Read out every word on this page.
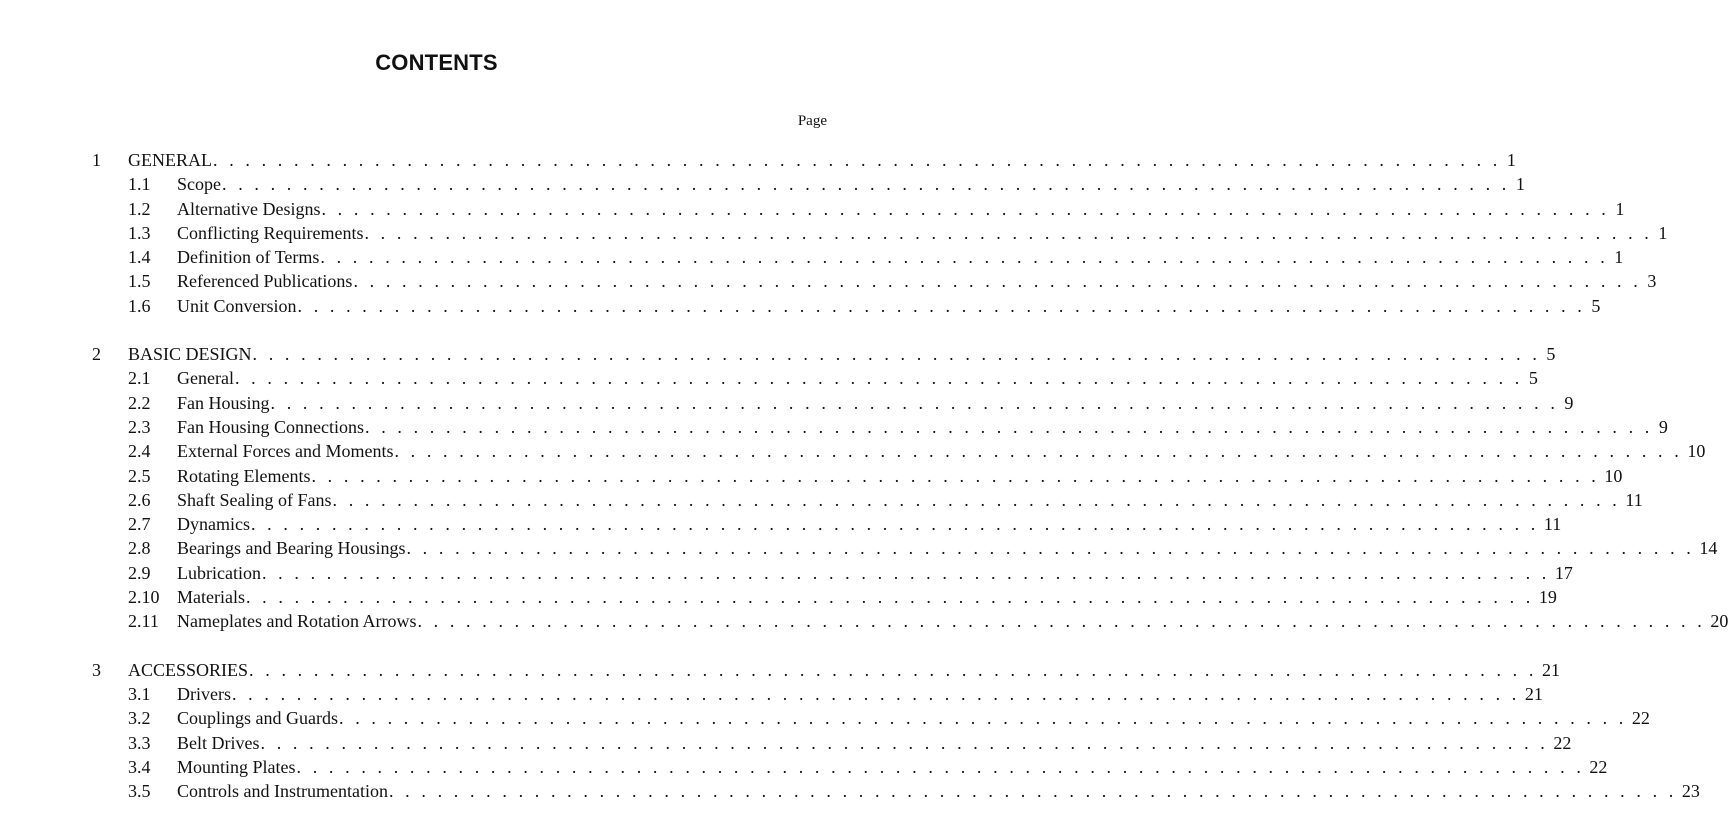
CONTENTS
Page
1 GENERAL . . . . . . . . . . . . . . . . . . . . . . . . . . . . . . . . . . . . . . . . . . . . . . . . . . . . . . . . . . . . . . . . . . . . . . . . . . . . . . . . 1
1.1 Scope . . . . . . . . . . . . . . . . . . . . . . . . . . . . . . . . . . . . . . . . . . . . . . . . . . . . . . . . . . . . . . . . . . . . . . . . . . . . . . . . 1
1.2 Alternative Designs . . . . . . . . . . . . . . . . . . . . . . . . . . . . . . . . . . . . . . . . . . . . . . . . . . . . . . . . . . . . . . . . . . . . . . . . . . . . . . . . 1
1.3 Conflicting Requirements . . . . . . . . . . . . . . . . . . . . . . . . . . . . . . . . . . . . . . . . . . . . . . . . . . . . . . . . . . . . . . . . . . . . . . . . . . . . . . . . 1
1.4 Definition of Terms . . . . . . . . . . . . . . . . . . . . . . . . . . . . . . . . . . . . . . . . . . . . . . . . . . . . . . . . . . . . . . . . . . . . . . . . . . . . . . . . 1
1.5 Referenced Publications . . . . . . . . . . . . . . . . . . . . . . . . . . . . . . . . . . . . . . . . . . . . . . . . . . . . . . . . . . . . . . . . . . . . . . . . . . . . . . . . 3
1.6 Unit Conversion . . . . . . . . . . . . . . . . . . . . . . . . . . . . . . . . . . . . . . . . . . . . . . . . . . . . . . . . . . . . . . . . . . . . . . . . . . . . . . . . 5
2 BASIC DESIGN . . . . . . . . . . . . . . . . . . . . . . . . . . . . . . . . . . . . . . . . . . . . . . . . . . . . . . . . . . . . . . . . . . . . . . . . . . . . . . . . 5
2.1 General . . . . . . . . . . . . . . . . . . . . . . . . . . . . . . . . . . . . . . . . . . . . . . . . . . . . . . . . . . . . . . . . . . . . . . . . . . . . . . . . 5
2.2 Fan Housing . . . . . . . . . . . . . . . . . . . . . . . . . . . . . . . . . . . . . . . . . . . . . . . . . . . . . . . . . . . . . . . . . . . . . . . . . . . . . . . . 9
2.3 Fan Housing Connections . . . . . . . . . . . . . . . . . . . . . . . . . . . . . . . . . . . . . . . . . . . . . . . . . . . . . . . . . . . . . . . . . . . . . . . . . . . . . . . . 9
2.4 External Forces and Moments . . . . . . . . . . . . . . . . . . . . . . . . . . . . . . . . . . . . . . . . . . . . . . . . . . . . . . . . . . . . . . . . . . . . . . . . . . . . . . . . 10
2.5 Rotating Elements . . . . . . . . . . . . . . . . . . . . . . . . . . . . . . . . . . . . . . . . . . . . . . . . . . . . . . . . . . . . . . . . . . . . . . . . . . . . . . . . 10
2.6 Shaft Sealing of Fans . . . . . . . . . . . . . . . . . . . . . . . . . . . . . . . . . . . . . . . . . . . . . . . . . . . . . . . . . . . . . . . . . . . . . . . . . . . . . . . . 11
2.7 Dynamics . . . . . . . . . . . . . . . . . . . . . . . . . . . . . . . . . . . . . . . . . . . . . . . . . . . . . . . . . . . . . . . . . . . . . . . . . . . . . . . . 11
2.8 Bearings and Bearing Housings . . . . . . . . . . . . . . . . . . . . . . . . . . . . . . . . . . . . . . . . . . . . . . . . . . . . . . . . . . . . . . . . . . . . . . . . . . . . . . . . 14
2.9 Lubrication . . . . . . . . . . . . . . . . . . . . . . . . . . . . . . . . . . . . . . . . . . . . . . . . . . . . . . . . . . . . . . . . . . . . . . . . . . . . . . . . 17
2.10 Materials . . . . . . . . . . . . . . . . . . . . . . . . . . . . . . . . . . . . . . . . . . . . . . . . . . . . . . . . . . . . . . . . . . . . . . . . . . . . . . . . 19
2.11 Nameplates and Rotation Arrows . . . . . . . . . . . . . . . . . . . . . . . . . . . . . . . . . . . . . . . . . . . . . . . . . . . . . . . . . . . . . . . . . . . . . . . . . . . . . . . . 20
3 ACCESSORIES . . . . . . . . . . . . . . . . . . . . . . . . . . . . . . . . . . . . . . . . . . . . . . . . . . . . . . . . . . . . . . . . . . . . . . . . . . . . . . . . 21
3.1 Drivers . . . . . . . . . . . . . . . . . . . . . . . . . . . . . . . . . . . . . . . . . . . . . . . . . . . . . . . . . . . . . . . . . . . . . . . . . . . . . . . . 21
3.2 Couplings and Guards . . . . . . . . . . . . . . . . . . . . . . . . . . . . . . . . . . . . . . . . . . . . . . . . . . . . . . . . . . . . . . . . . . . . . . . . . . . . . . . . 22
3.3 Belt Drives . . . . . . . . . . . . . . . . . . . . . . . . . . . . . . . . . . . . . . . . . . . . . . . . . . . . . . . . . . . . . . . . . . . . . . . . . . . . . . . . 22
3.4 Mounting Plates . . . . . . . . . . . . . . . . . . . . . . . . . . . . . . . . . . . . . . . . . . . . . . . . . . . . . . . . . . . . . . . . . . . . . . . . . . . . . . . . 22
3.5 Controls and Instrumentation . . . . . . . . . . . . . . . . . . . . . . . . . . . . . . . . . . . . . . . . . . . . . . . . . . . . . . . . . . . . . . . . . . . . . . . . . . . . . . . . 23
